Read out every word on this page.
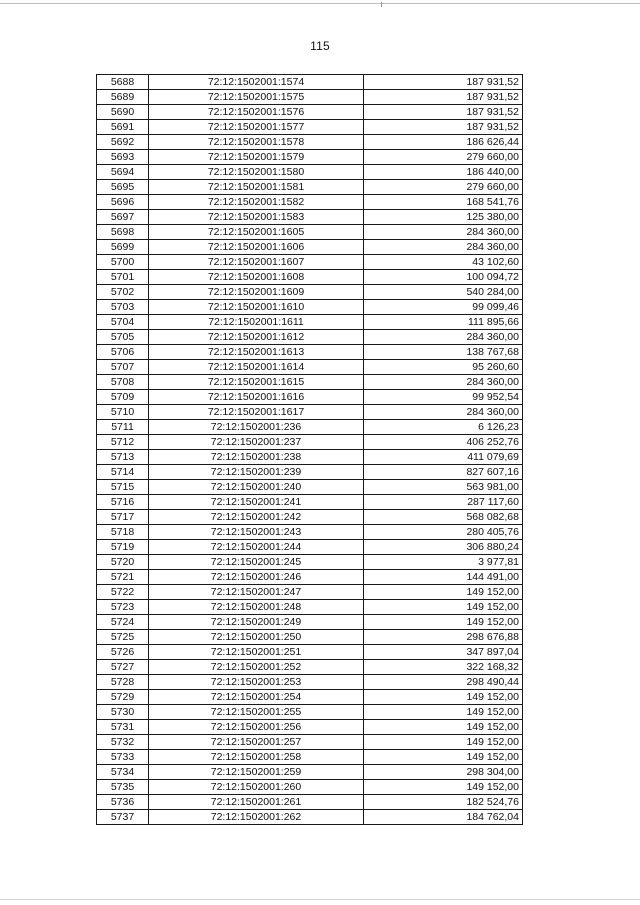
115
5688	72:12:1502001:1574	187 931,52
5689	72:12:1502001:1575	187 931,52
5690	72:12:1502001:1576	187 931,52
5691	72:12:1502001:1577	187 931,52
5692	72:12:1502001:1578	186 626,44
5693	72:12:1502001:1579	279 660,00
5694	72:12:1502001:1580	186 440,00
5695	72:12:1502001:1581	279 660,00
5696	72:12:1502001:1582	168 541,76
5697	72:12:1502001:1583	125 380,00
5698	72:12:1502001:1605	284 360,00
5699	72:12:1502001:1606	284 360,00
5700	72:12:1502001:1607	43 102,60
5701	72:12:1502001:1608	100 094,72
5702	72:12:1502001:1609	540 284,00
5703	72:12:1502001:1610	99 099,46
5704	72:12:1502001:1611	111 895,66
5705	72:12:1502001:1612	284 360,00
5706	72:12:1502001:1613	138 767,68
5707	72:12:1502001:1614	95 260,60
5708	72:12:1502001:1615	284 360,00
5709	72:12:1502001:1616	99 952,54
5710	72:12:1502001:1617	284 360,00
5711	72:12:1502001:236	6 126,23
5712	72:12:1502001:237	406 252,76
5713	72:12:1502001:238	411 079,69
5714	72:12:1502001:239	827 607,16
5715	72:12:1502001:240	563 981,00
5716	72:12:1502001:241	287 117,60
5717	72:12:1502001:242	568 082,68
5718	72:12:1502001:243	280 405,76
5719	72:12:1502001:244	306 880,24
5720	72:12:1502001:245	3 977,81
5721	72:12:1502001:246	144 491,00
5722	72:12:1502001:247	149 152,00
5723	72:12:1502001:248	149 152,00
5724	72:12:1502001:249	149 152,00
5725	72:12:1502001:250	298 676,88
5726	72:12:1502001:251	347 897,04
5727	72:12:1502001:252	322 168,32
5728	72:12:1502001:253	298 490,44
5729	72:12:1502001:254	149 152,00
5730	72:12:1502001:255	149 152,00
5731	72:12:1502001:256	149 152,00
5732	72:12:1502001:257	149 152,00
5733	72:12:1502001:258	149 152,00
5734	72:12:1502001:259	298 304,00
5735	72:12:1502001:260	149 152,00
5736	72:12:1502001:261	182 524,76
5737	72:12:1502001:262	184 762,04
